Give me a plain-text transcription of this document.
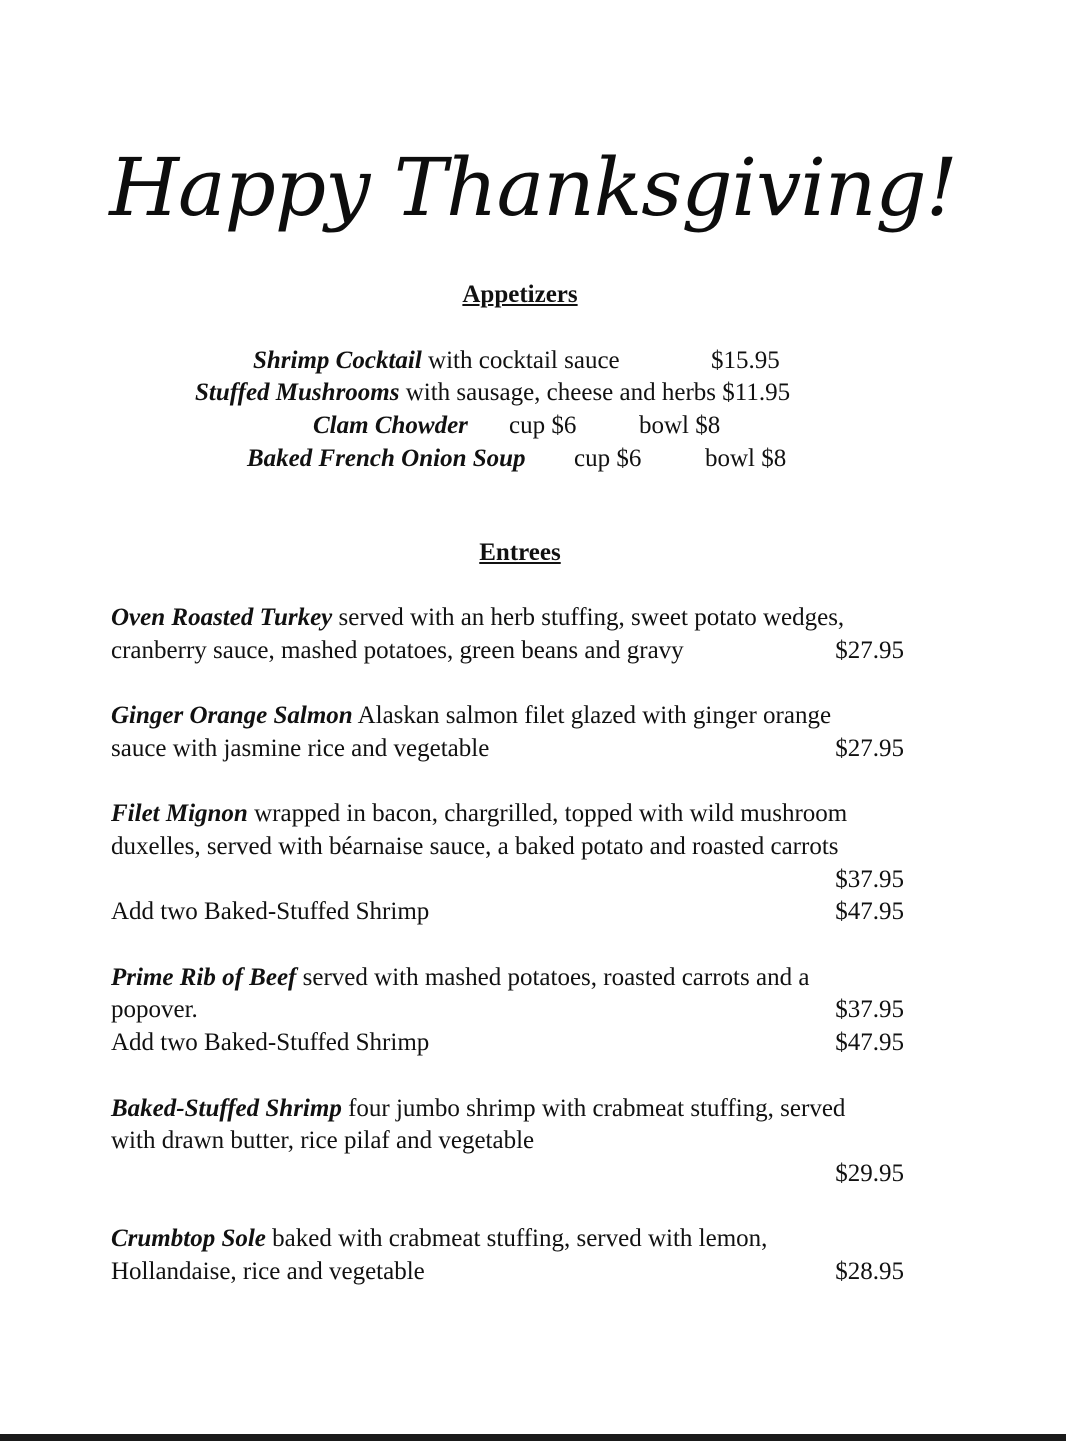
Happy Thanksgiving!
Appetizers
Shrimp Cocktail with cocktail sauce	$15.95
Stuffed Mushrooms with sausage, cheese and herbs $11.95
Clam Chowder cup $6	bowl $8
Baked French Onion Soup cup $6	bowl $8
Entrees
Oven Roasted Turkey served with an herb stuffing, sweet potato wedges,
cranberry sauce, mashed potatoes, green beans and gravy	$27.95
Ginger Orange Salmon Alaskan salmon filet glazed with ginger orange
sauce with jasmine rice and vegetable	$27.95
Filet Mignon wrapped in bacon, chargrilled, topped with wild mushroom
duxelles, served with béarnaise sauce, a baked potato and roasted carrots
$37.95
Add two Baked-Stuffed Shrimp	$47.95
Prime Rib of Beef served with mashed potatoes, roasted carrots and a
popover.	$37.95
Add two Baked-Stuffed Shrimp	$47.95
Baked-Stuffed Shrimp four jumbo shrimp with crabmeat stuffing, served
with drawn butter, rice pilaf and vegetable
$29.95
Crumbtop Sole baked with crabmeat stuffing, served with lemon,
Hollandaise, rice and vegetable	$28.95
